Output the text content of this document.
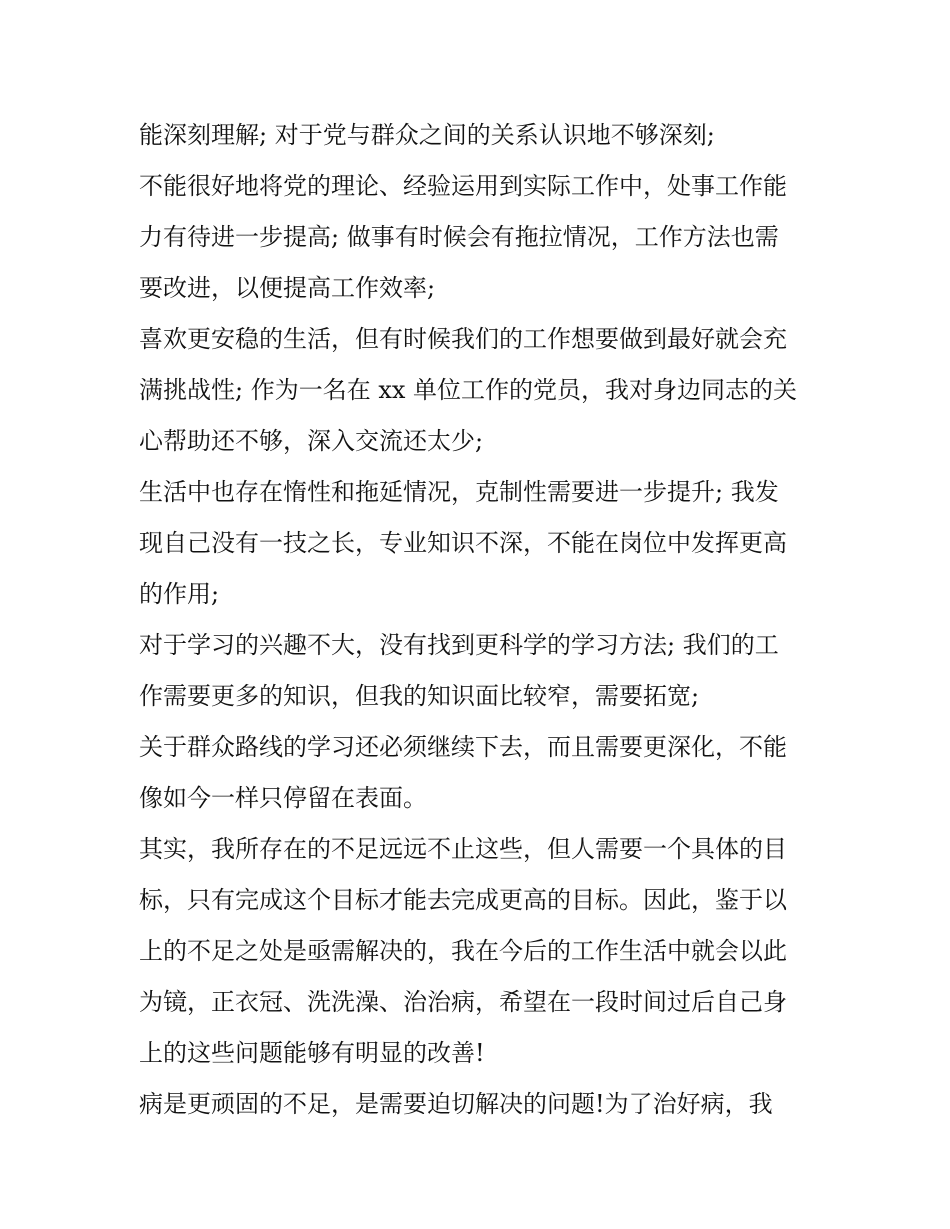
能深刻理解; 对于党与群众之间的关系认识地不够深刻;
不能很好地将党的理论、经验运用到实际工作中，处事工作能
力有待进一步提高; 做事有时候会有拖拉情况，工作方法也需
要改进，以便提高工作效率;
喜欢更安稳的生活，但有时候我们的工作想要做到最好就会充
满挑战性; 作为一名在 xx 单位工作的党员，我对身边同志的关
心帮助还不够，深入交流还太少;
生活中也存在惰性和拖延情况，克制性需要进一步提升; 我发
现自己没有一技之长，专业知识不深，不能在岗位中发挥更高
的作用;
对于学习的兴趣不大，没有找到更科学的学习方法; 我们的工
作需要更多的知识，但我的知识面比较窄，需要拓宽;
关于群众路线的学习还必须继续下去，而且需要更深化，不能
像如今一样只停留在表面。
其实，我所存在的不足远远不止这些，但人需要一个具体的目
标，只有完成这个目标才能去完成更高的目标。因此，鉴于以
上的不足之处是亟需解决的，我在今后的工作生活中就会以此
为镜，正衣冠、洗洗澡、治治病，希望在一段时间过后自己身
上的这些问题能够有明显的改善!
病是更顽固的不足，是需要迫切解决的问题!为了治好病，我
